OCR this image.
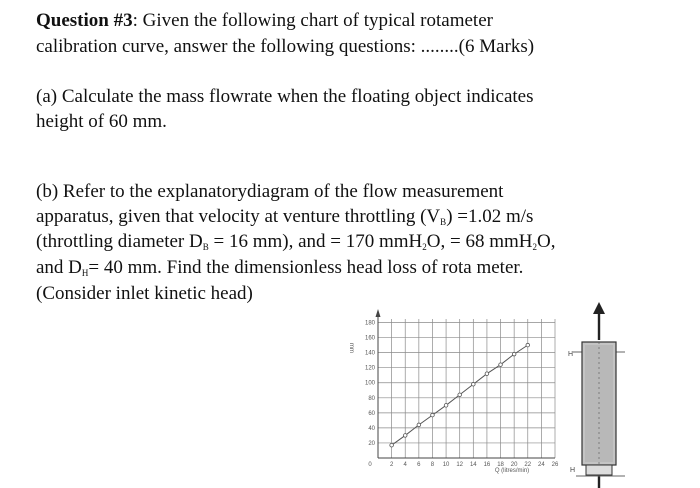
Question #3: Given the following chart of typical rotameter
calibration curve, answer the following questions: ........(6 Marks)
(a) Calculate the mass flowrate when the floating object indicates
height of 60 mm.
(b) Refer to the explanatorydiagram of the flow measurement
apparatus, given that velocity at venture throttling $(V_B) =1.02$ m/s
(throttling diameter $D_B = 16$ mm), and = 170 mmH$_2$O, = 68 mmH$_2$O,
and $D_H= 40$ mm. Find the dimensionless head loss of rota meter.
(Consider inlet kinetic head)
20
40
60
80
100
120
140
160
180
0	2 4 6 8 10 12 14 16 18 20 22 24 26
mm
Q (litres/min)
H
H
